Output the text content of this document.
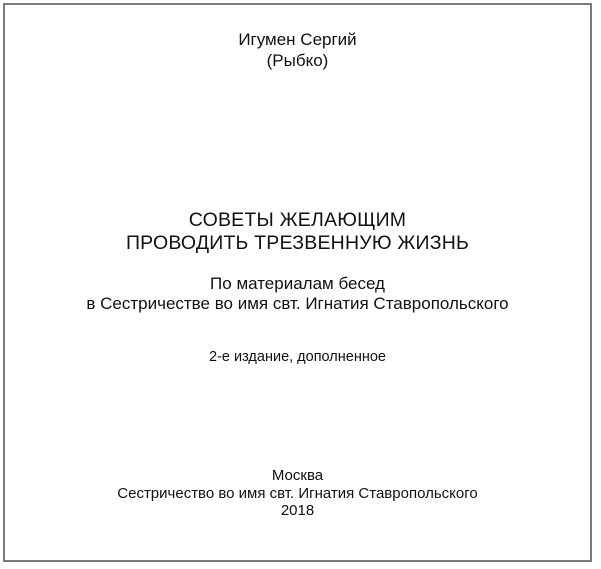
Игумен Сергий
(Рыбко)
СОВЕТЫ ЖЕЛАЮЩИМ
ПРОВОДИТЬ ТРЕЗВЕННУЮ ЖИЗНЬ
По материалам бесед
в Сестричестве во имя свт. Игнатия Ставропольского
2-е издание, дополненное
Москва
Сестричество во имя свт. Игнатия Ставропольского
2018
